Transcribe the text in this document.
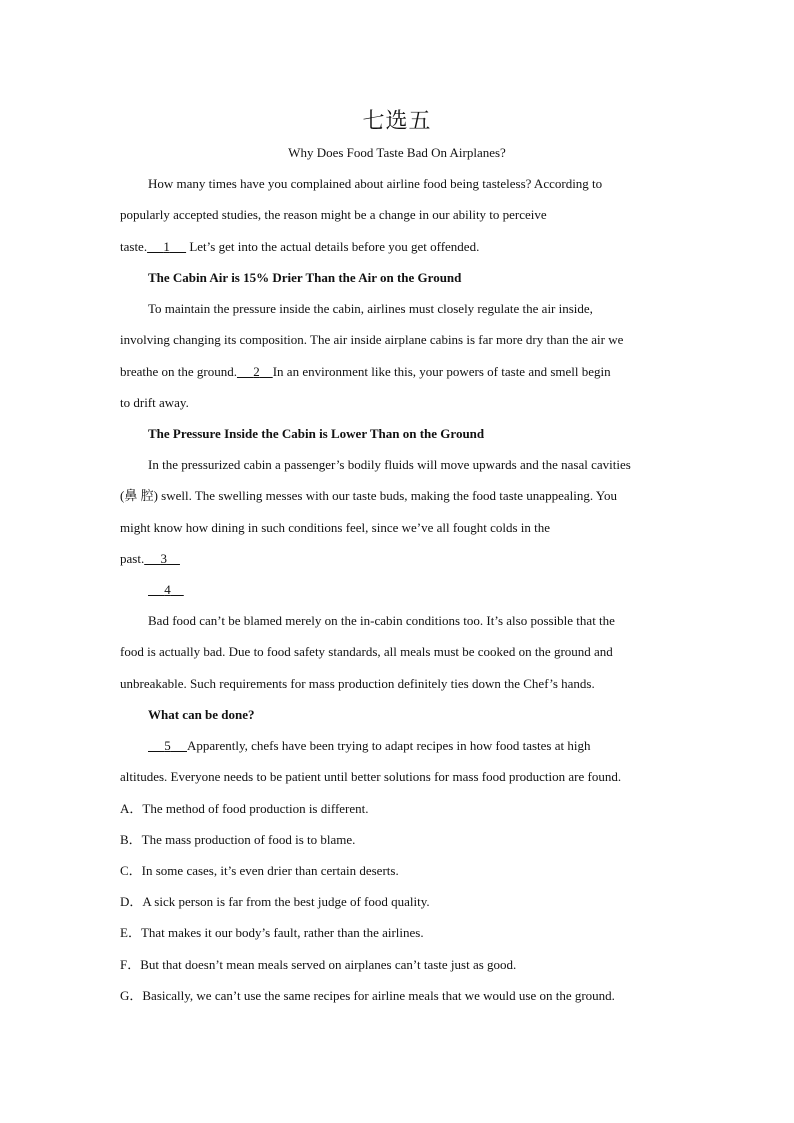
七选五
Why Does Food Taste Bad On Airplanes?
How many times have you complained about airline food being tasteless? According to
popularly accepted studies, the reason might be a change in our ability to perceive
taste. 1      Let’s get into the actual details before you get offended.
The Cabin Air is 15% Drier Than the Air on the Ground
To maintain the pressure inside the cabin, airlines must closely regulate the air inside,
involving changing its composition. The air inside airplane cabins is far more dry than the air we
breathe on the ground. 2 In an environment like this, your powers of taste and smell begin
to drift away.
The Pressure Inside the Cabin is Lower Than on the Ground
In the pressurized cabin a passenger’s bodily fluids will move upwards and the nasal cavities
(鼻 腔) swell. The swelling messes with our taste buds, making the food taste unappealing. You
might know how dining in such conditions feel, since we’ve all fought colds in the
past. 3
4
Bad food can’t be blamed merely on the in-cabin conditions too. It’s also possible that the
food is actually bad. Due to food safety standards, all meals must be cooked on the ground and
unbreakable. Such requirements for mass production definitely ties down the Chef’s hands.
What can be done?
5 Apparently, chefs have been trying to adapt recipes in how food tastes at high
altitudes. Everyone needs to be patient until better solutions for mass food production are found.
A．The method of food production is different.
B．The mass production of food is to blame.
C．In some cases, it’s even drier than certain deserts.
D．A sick person is far from the best judge of food quality.
E．That makes it our body’s fault, rather than the airlines.
F．But that doesn’t mean meals served on airplanes can’t taste just as good.
G．Basically, we can’t use the same recipes for airline meals that we would use on the ground.
